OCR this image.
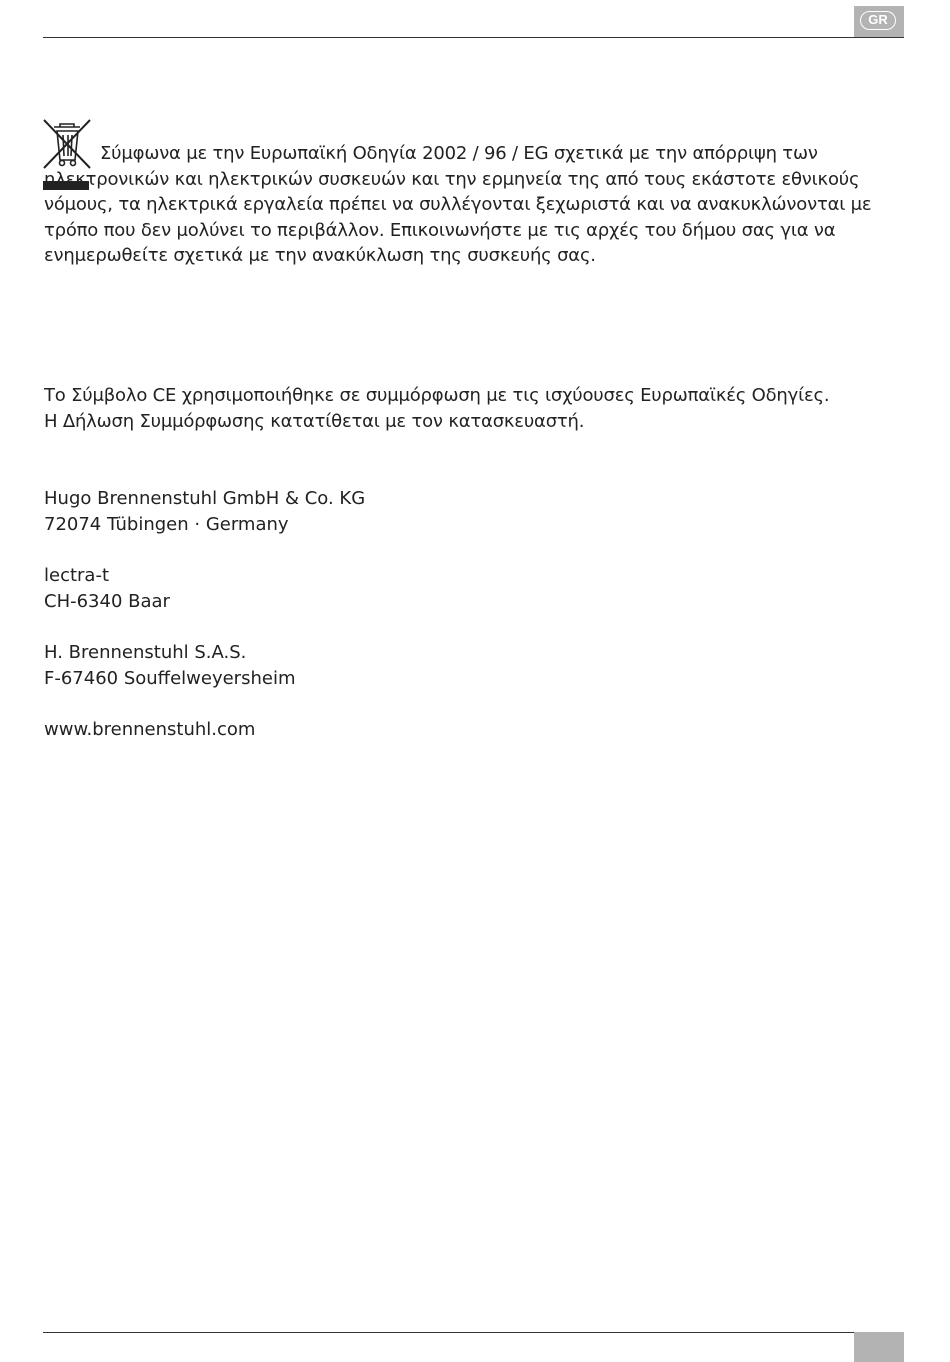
GR

Σύμφωνα με την Ευρωπαϊκή Οδηγία 2002 / 96 / EG σχετικά με την απόρριψη των ηλεκτρονικών και ηλεκτρικών συσκευών και την ερμηνεία της από τους εκάστοτε εθνικούς νόμους, τα ηλεκτρικά εργαλεία πρέπει να συλλέγονται ξεχωριστά και να ανακυκλώνονται με τρόπο που δεν μολύνει το περιβάλλον. Επικοινωνήστε με τις αρχές του δήμου σας για να ενημερωθείτε σχετικά με την ανακύκλωση της συσκευής σας.

Το Σύμβολο CE χρησιμοποιήθηκε σε συμμόρφωση με τις ισχύουσες Ευρωπαϊκές Οδηγίες.
Η Δήλωση Συμμόρφωσης κατατίθεται με τον κατασκευαστή.

Hugo Brennenstuhl GmbH & Co. KG
72074 Tübingen · Germany
lectra-t
CH-6340 Baar
H. Brennenstuhl S.A.S.
F-67460 Souffelweyersheim

www.brennenstuhl.com
